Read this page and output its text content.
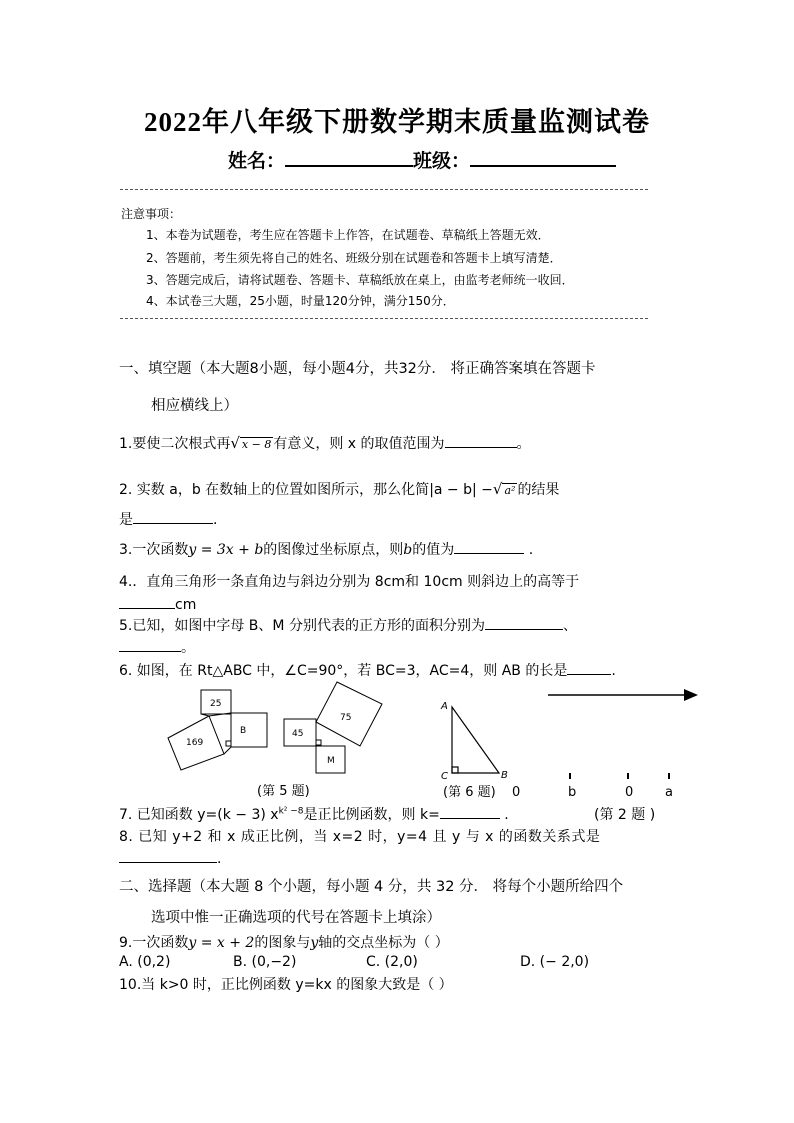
2022年八年级下册数学期末质量监测试卷
姓名：	班级：
注意事项：
1、本卷为试题卷，考生应在答题卡上作答，在试题卷、草稿纸上答题无效．
2、答题前，考生须先将自己的姓名、班级分别在试题卷和答题卡上填写清楚．
3、答题完成后，请将试题卷、答题卡、草稿纸放在桌上，由监考老师统一收回．
4、本试卷三大题，25小题，时量120分钟，满分150分．
一、填空题（本大题8小题，每小题4分，共32分． 将正确答案填在答题卡
相应横线上）
1.要使二次根式再√ x − 8 有意义，则 x 的取值范围为	。
2. 实数 a，b 在数轴上的位置如图所示，那么化简|a − b| −√ a² 的结果
是	.
3.一次函数y = 3x + b的图像过坐标原点，则b的值为	.
4.．直角三角形一条直角边与斜边分别为 8cm和 10cm 则斜边上的高等于
cm
5.已知，如图中字母 B、M 分别代表的正方形的面积分别为	、
。
6. 如图，在 Rt△ABC 中，∠C=90°，若 BC=3，AC=4，则 AB 的长是	.
25
169
B
75
45
M
A
C	B
(第 5 题)	(第 6 题) 0	b	0 a
7. 已知函数 y=(k − 3) $x^{k^2 -8}$是正比例函数，则 k=	.	(第 2 题 )
8. 已知 y+2 和 x 成正比例，当 x=2 时，y=4 且 y 与 x 的函数关系式是
.
二、选择题（本大题 8 个小题，每小题 4 分，共 32 分． 将每个小题所给四个
选项中惟一正确选项的代号在答题卡上填涂）
9.一次函数y = x + 2的图象与y轴的交点坐标为（ ）
A. (0,2)	B. (0,−2)	C. (2,0)	D. (− 2,0)
10.当 k>0 时，正比例函数 y=kx 的图象大致是（ ）
